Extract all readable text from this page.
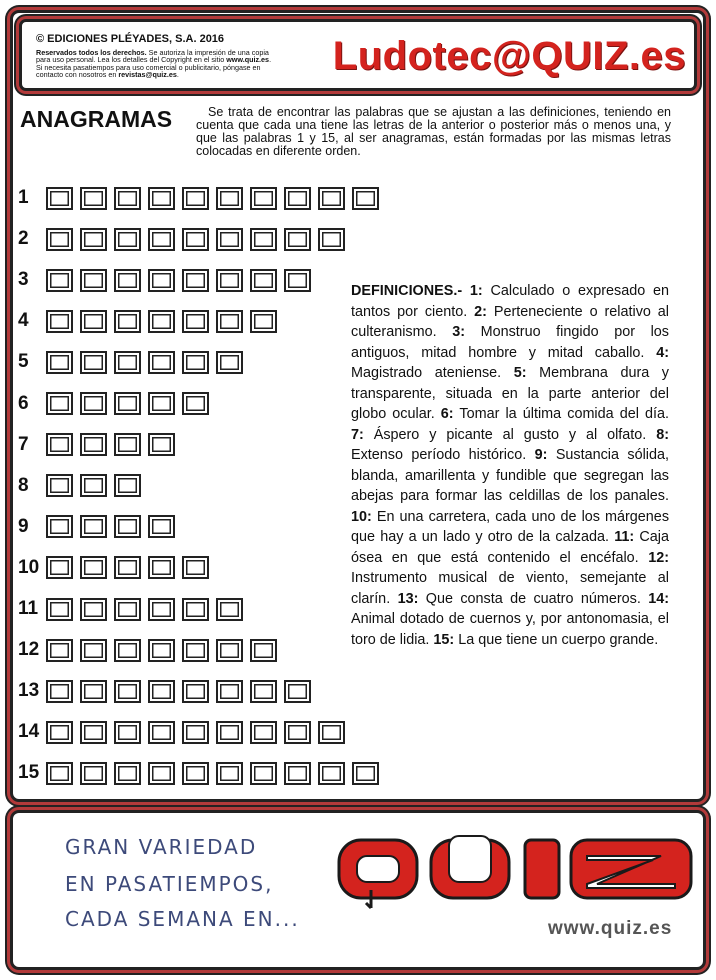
© EDICIONES PLÉYADES, S.A. 2016
Reservados todos los derechos. Se autoriza la impresión de una copia para uso personal. Lea los detalles del Copyright en el sitio www.quiz.es. Si necesita pasatiempos para uso comercial o publicitario, póngase en contacto con nosotros en revistas@quiz.es.	Ludotec@QUIZ.es
ANAGRAMAS	Se trata de encontrar las palabras que se ajustan a las definiciones, teniendo en cuenta que cada una tiene las letras de la anterior o posterior más o menos una, y que las palabras 1 y 15, al ser anagramas, están formadas por las mismas letras colocadas en diferente orden.
1
2
3
4
5
6
7
8
9
10
11
12
13
14
15
DEFINICIONES.- 1: Calculado o expresado en tantos por ciento. 2: Perteneciente o relativo al culteranismo. 3: Monstruo fingido por los antiguos, mitad hombre y mitad caballo. 4: Magistrado ateniense. 5: Membrana dura y transparente, situada en la parte anterior del globo ocular. 6: Tomar la última comida del día. 7: Áspero y picante al gusto y al olfato. 8: Extenso período histórico. 9: Sustancia sólida, blanda, amarillenta y fundible que segregan las abejas para formar las celdillas de los panales. 10: En una carretera, cada uno de los márgenes que hay a un lado y otro de la calzada. 11: Caja ósea en que está contenido el encéfalo. 12: Instrumento musical de viento, semejante al clarín. 13: Que consta de cuatro números. 14: Animal dotado de cuernos y, por antonomasia, el toro de lidia. 15: La que tiene un cuerpo grande.
GRAN VARIEDAD
EN PASATIEMPOS,
CADA SEMANA EN...
quiz
www.quiz.es
